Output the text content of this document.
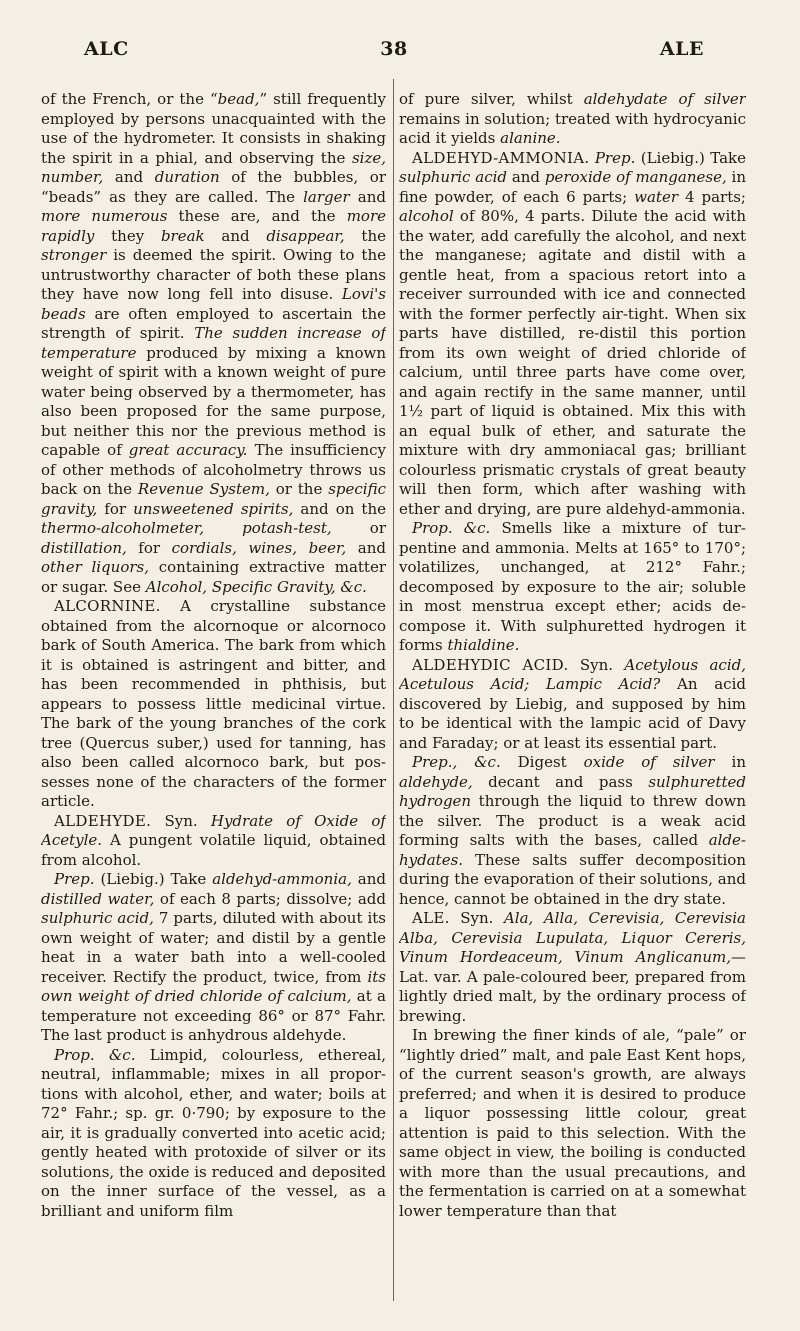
ALC	38	ALE

of the French, or the “bead,” still frequently employed by persons unacquainted with the use of the hydrometer. It consists in shaking the spirit in a phial, and observing the size, number, and duration of the bubbles, or “beads” as they are called. The larger and more numerous these are, and the more rapidly they break and disappear, the stronger is deemed the spirit. Owing to the untrustworthy character of both these plans they have now long fell into disuse. Lovi's beads are often employed to ascertain the strength of spirit. The sudden increase of temperature produced by mixing a known weight of spirit with a known weight of pure water being observed by a thermometer, has also been proposed for the same purpose, but neither this nor the previous method is capable of great accuracy. The insufficiency of other methods of alcoholmetry throws us back on the Revenue System, or the specific gravity, for unsweetened spirits, and on the thermo-alcoholmeter, potash-test, or distillation, for cordials, wines, beer, and other liquors, containing extractive matter or sugar. See Alcohol, Specific Gravity, &c.

ALCORNINE. A crystalline substance obtained from the alcornoque or alcornoco bark of South America. The bark from which it is obtained is astringent and bitter, and has been recommended in phthisis, but appears to possess little medicinal virtue. The bark of the young branches of the cork tree (Quercus suber,) used for tanning, has also been called alcornoco bark, but possesses none of the characters of the former article.

ALDEHYDE. Syn. Hydrate of Oxide of Acetyle. A pungent volatile liquid, obtained from alcohol.

Prep. (Liebig.) Take aldehyd-ammonia, and distilled water, of each 8 parts; dissolve; add sulphuric acid, 7 parts, diluted with about its own weight of water; and distil by a gentle heat in a water bath into a well-cooled receiver. Rectify the product, twice, from its own weight of dried chloride of calcium, at a temperature not exceeding 86° or 87° Fahr. The last product is anhydrous aldehyde.

Prop. &c. Limpid, colourless, ethereal, neutral, inflammable; mixes in all proportions with alcohol, ether, and water; boils at 72° Fahr.; sp. gr. 0·790; by exposure to the air, it is gradually converted into acetic acid; gently heated with protoxide of silver or its solutions, the oxide is reduced and deposited on the inner surface of the vessel, as a brilliant and uniform film

of pure silver, whilst aldehydate of silver remains in solution; treated with hydrocyanic acid it yields alanine.

ALDEHYD-AMMONIA. Prep. (Liebig.) Take sulphuric acid and peroxide of manganese, in fine powder, of each 6 parts; water 4 parts; alcohol of 80%, 4 parts. Dilute the acid with the water, add carefully the alcohol, and next the manganese; agitate and distil with a gentle heat, from a spacious retort into a receiver surrounded with ice and connected with the former perfectly air-tight. When six parts have distilled, re-distil this portion from its own weight of dried chloride of calcium, until three parts have come over, and again rectify in the same manner, until 1½ part of liquid is obtained. Mix this with an equal bulk of ether, and saturate the mixture with dry ammoniacal gas; brilliant colourless prismatic crystals of great beauty will then form, which after washing with ether and drying, are pure aldehyd-ammonia.

Prop. &c. Smells like a mixture of turpentine and ammonia. Melts at 165° to 170°; volatilizes, unchanged, at 212° Fahr.; decomposed by exposure to the air; soluble in most menstrua except ether; acids decompose it. With sulphuretted hydrogen it forms thialdine.

ALDEHYDIC ACID. Syn. Acetylous acid, Acetulous Acid; Lampic Acid? An acid discovered by Liebig, and supposed by him to be identical with the lampic acid of Davy and Faraday; or at least its essential part.

Prep., &c. Digest oxide of silver in aldehyde, decant and pass sulphuretted hydrogen through the liquid to threw down the silver. The product is a weak acid forming salts with the bases, called aldehydates. These salts suffer decomposition during the evaporation of their solutions, and hence, cannot be obtained in the dry state.

ALE. Syn. Ala, Alla, Cerevisia, Cerevisia Alba, Cerevisia Lupulata, Liquor Cereris, Vinum Hordeaceum, Vinum Anglicanum,— Lat. var. A pale-coloured beer, prepared from lightly dried malt, by the ordinary process of brewing.

In brewing the finer kinds of ale, “pale” or “lightly dried” malt, and pale East Kent hops, of the current season's growth, are always preferred; and when it is desired to produce a liquor possessing little colour, great attention is paid to this selection. With the same object in view, the boiling is conducted with more than the usual precautions, and the fermentation is carried on at a somewhat lower temperature than that
